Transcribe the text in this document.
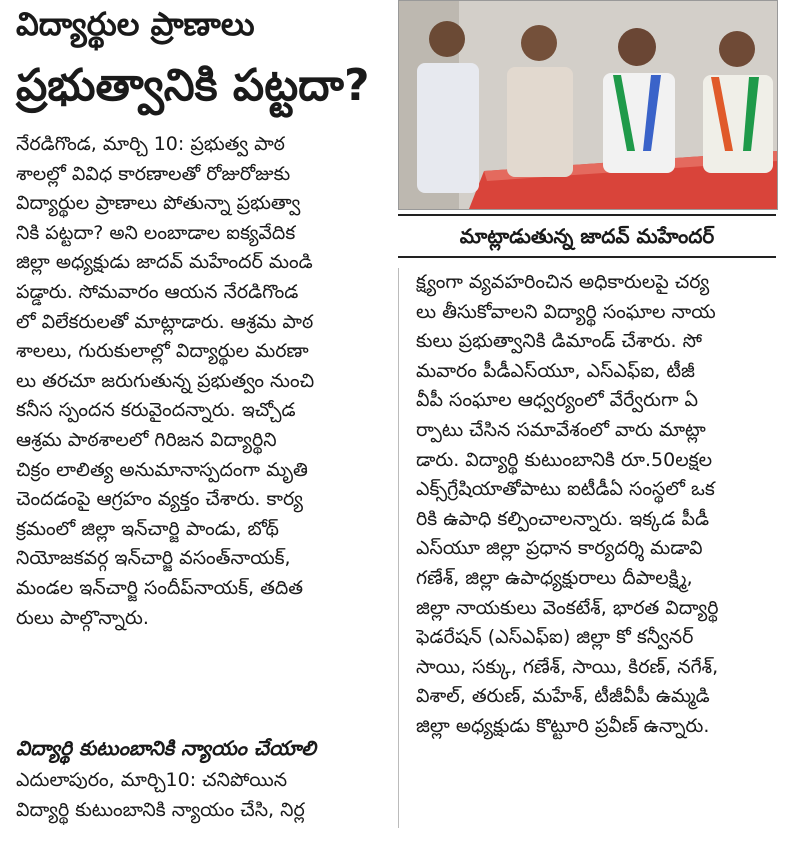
విద్యార్థుల ప్రాణాలు
ప్రభుత్వానికి పట్టదా?
మాట్లాడుతున్న జాదవ్ మహేందర్
నేరడిగొండ, మార్చి 10: ప్రభుత్వ పాఠ
శాలల్లో వివిధ కారణాలతో రోజురోజుకు
విద్యార్థుల ప్రాణాలు పోతున్నా ప్రభుత్వా
నికి పట్టదా? అని లంబాడాల ఐక్యవేదిక
జిల్లా అధ్యక్షుడు జాదవ్ మహేందర్ మండి
పడ్డారు. సోమవారం ఆయన నేరడిగొండ
లో విలేకరులతో మాట్లాడారు. ఆశ్రమ పాఠ
శాలలు, గురుకులాల్లో విద్యార్థుల మరణా
లు తరచూ జరుగుతున్న ప్రభుత్వం నుంచి
కనీస స్పందన కరువైందన్నారు. ఇచ్చోడ
ఆశ్రమ పాఠశాలలో గిరిజన విద్యార్థిని
చిక్రం లాలిత్య అనుమానాస్పదంగా మృతి
చెందడంపై ఆగ్రహం వ్యక్తం చేశారు. కార్య
క్రమంలో జిల్లా ఇన్‌చార్జి పాండు, బోథ్
నియోజకవర్గ ఇన్‌చార్జి వసంత్‌నాయక్,
మండల ఇన్‌చార్జి సందీప్‌నాయక్, తదిత
రులు పాల్గొన్నారు.
విద్యార్థి కుటుంబానికి న్యాయం చేయాలి
ఎదులాపురం, మార్చి10: చనిపోయిన
విద్యార్థి కుటుంబానికి న్యాయం చేసి, నిర్ల
క్ష్యంగా వ్యవహరించిన అధికారులపై చర్య
లు తీసుకోవాలని విద్యార్థి సంఘాల నాయ
కులు ప్రభుత్వానికి డిమాండ్ చేశారు. సో
మవారం పీడీఎస్‌యూ, ఎస్ఎఫ్ఐ, టీజీ
వీపీ సంఘాల ఆధ్వర్యంలో వేర్వేరుగా ఏ
ర్పాటు చేసిన సమావేశంలో వారు మాట్లా
డారు. విద్యార్థి కుటుంబానికి రూ.50లక్షల
ఎక్స్‌గ్రేషియాతోపాటు ఐటీడీఏ సంస్థలో ఒక
రికి ఉపాధి కల్పించాలన్నారు. ఇక్కడ పీడీ
ఎస్‌యూ జిల్లా ప్రధాన కార్యదర్శి మడావి
గణేశ్, జిల్లా ఉపాధ్యక్షురాలు దీపాలక్ష్మి,
జిల్లా నాయకులు వెంకటేశ్, భారత విద్యార్థి
ఫెడరేషన్ (ఎస్ఎఫ్ఐ) జిల్లా కో కన్వీనర్
సాయి, సక్కు, గణేశ్, సాయి, కిరణ్, నగేశ్,
విశాల్, తరుణ్, మహేశ్, టీజీవీపీ ఉమ్మడి
జిల్లా అధ్యక్షుడు కొట్టూరి ప్రవీణ్ ఉన్నారు.
